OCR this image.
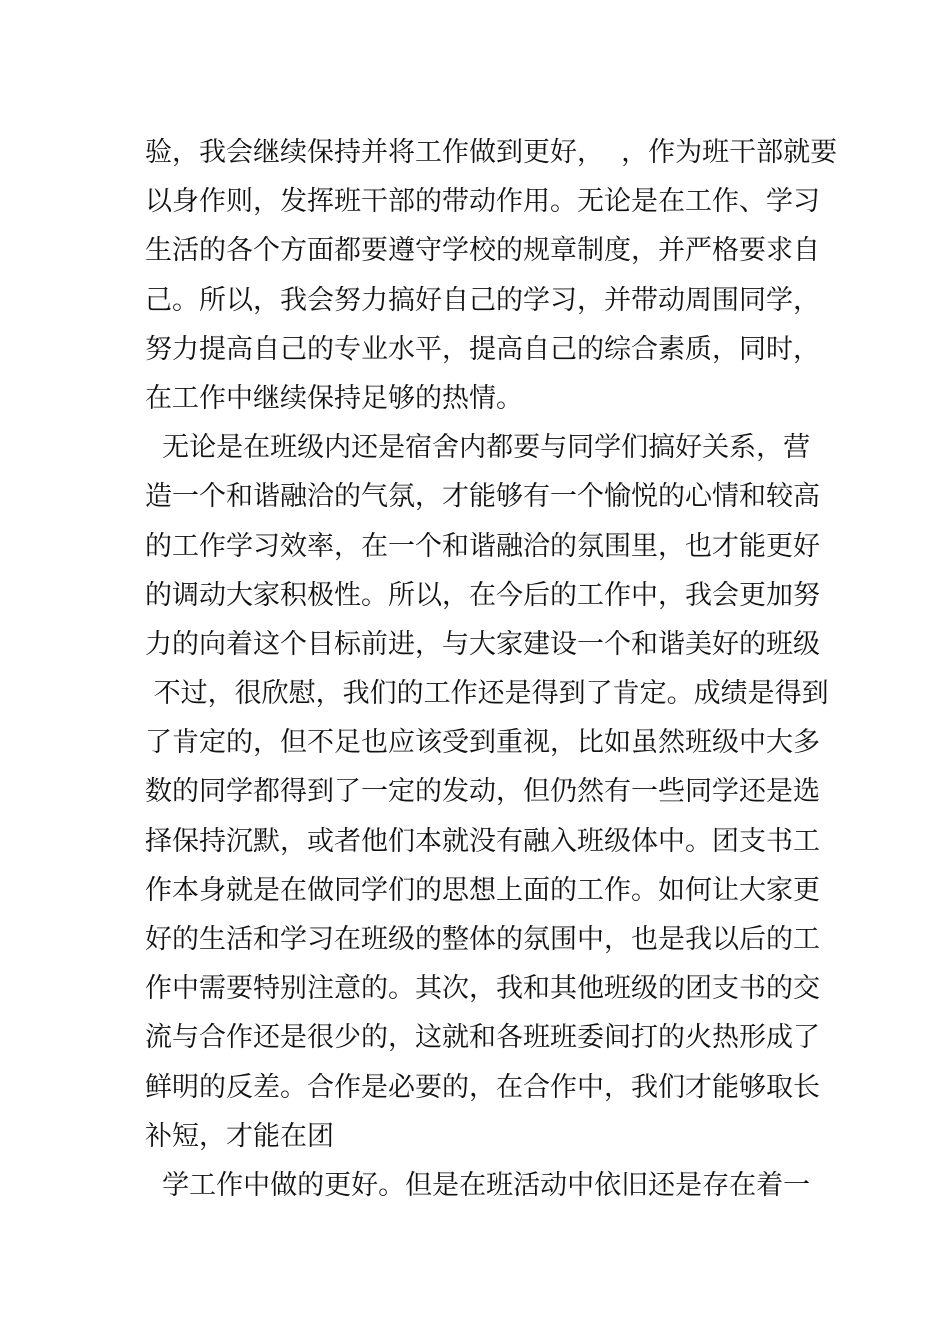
验，我会继续保持并将工作做到更好，  ，作为班干部就要
以身作则，发挥班干部的带动作用。无论是在工作、学习
生活的各个方面都要遵守学校的规章制度，并严格要求自
己。所以，我会努力搞好自己的学习，并带动周围同学，
努力提高自己的专业水平，提高自己的综合素质，同时，
在工作中继续保持足够的热情。
无论是在班级内还是宿舍内都要与同学们搞好关系，营
造一个和谐融洽的气氛，才能够有一个愉悦的心情和较高
的工作学习效率，在一个和谐融洽的氛围里，也才能更好
的调动大家积极性。所以，在今后的工作中，我会更加努
力的向着这个目标前进，与大家建设一个和谐美好的班级
不过，很欣慰，我们的工作还是得到了肯定。成绩是得到
了肯定的，但不足也应该受到重视，比如虽然班级中大多
数的同学都得到了一定的发动，但仍然有一些同学还是选
择保持沉默，或者他们本就没有融入班级体中。团支书工
作本身就是在做同学们的思想上面的工作。如何让大家更
好的生活和学习在班级的整体的氛围中，也是我以后的工
作中需要特别注意的。其次，我和其他班级的团支书的交
流与合作还是很少的，这就和各班班委间打的火热形成了
鲜明的反差。合作是必要的，在合作中，我们才能够取长
补短，才能在团
学工作中做的更好。但是在班活动中依旧还是存在着一
